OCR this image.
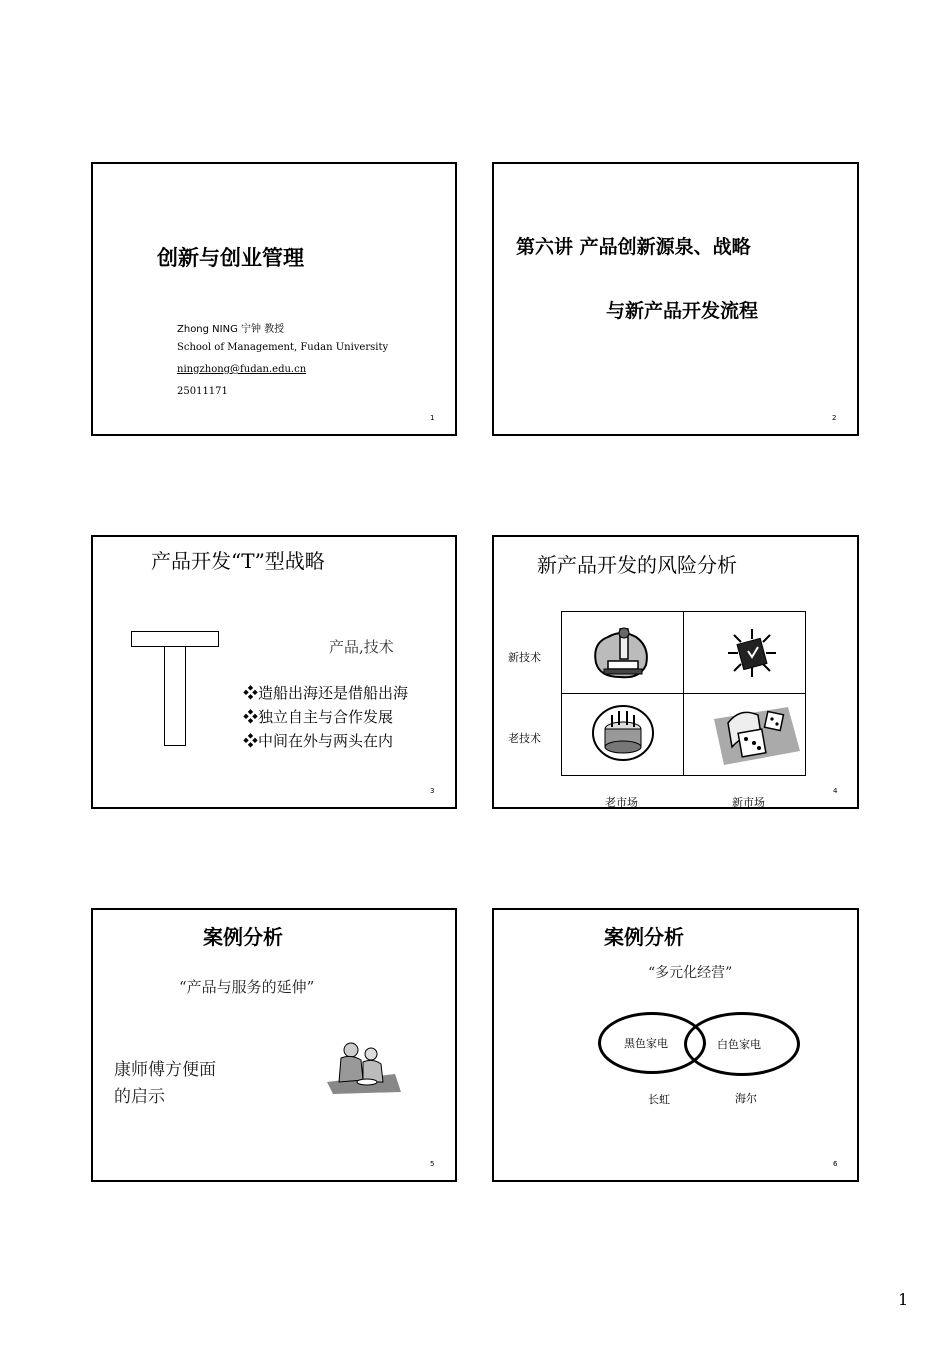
创新与创业管理
Zhong NING 宁钟 教授
School of Management, Fudan University
ningzhong@fudan.edu.cn
25011171
1
第六讲 产品创新源泉、战略
与新产品开发流程
2
产品开发“T”型战略
产品,技术
❖造船出海还是借船出海
❖独立自主与合作发展
❖中间在外与两头在内
3
新产品开发的风险分析
新技术
老技术
老市场	新市场
4
案例分析
“产品与服务的延伸”
康师傅方便面
的启示
5
案例分析
“多元化经营”
黑色家电	白色家电
长虹	海尔
6
1
